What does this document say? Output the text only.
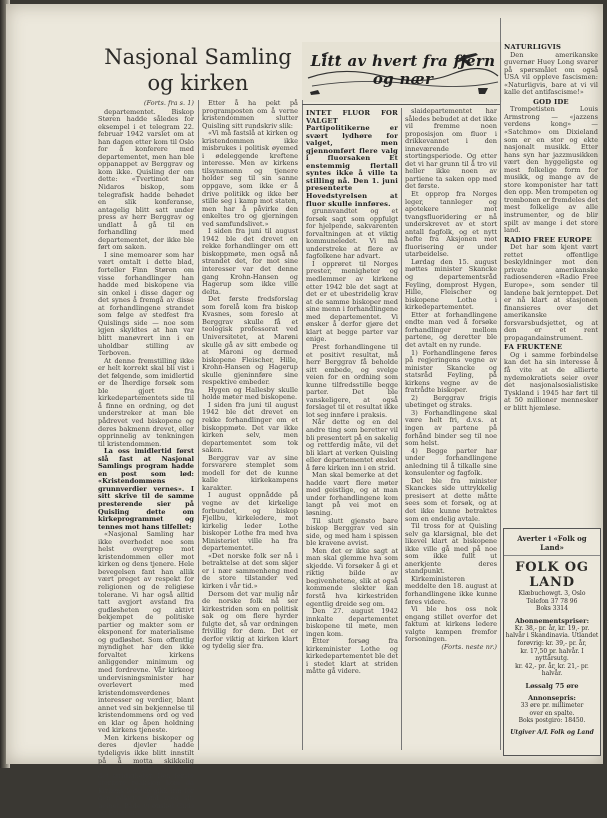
Nasjonal Samling og kirken
Litt av hvert fra fjern og nær

(Forts. fra s. 1)

departementet. Biskop Støren hadde således for eksempel i et telegram 22. februar 1942 varslet om at han dagen etter kom til Oslo for å konferere med departementet, men han ble oppanappet av Berggrav og kom ikke. Quisling der om dette: «Tvertimot har Nidaros biskop, som telegrafisk hadde behødet en slik konferanse, antagelig blitt satt under press av herr Berggrav og undlatt å gå til en forhandling med departementet, der ikke ble ført om saken.

I sine memoarer som har vært omtalt i dette blad, forteller Finn Støren om visse forhandlinger han hadde med biskopene via sin onkel i disse dager og det synes å fremgå av disse at forhandlingene strandet som følge av stedfest fra Quislings side — noe som igjen skyldtes at han var blitt manøvrert inn i en uholdbar stilling av Terboven.

At denne fremstilling ikke er helt korrekt skal bli vist i det følgende, som imidlertid er de Iherdige forsøk som ble gjort fra kirkedepartementets side til å finne en ordning, og det understreker at man ble pådrevet ved biskopene og deres bakmenn drevet, eller opprinnelig av tenkningen til kristendommen.

La oss imidlertid først slå fast at Nasjonal Samlings program hadde en post som lød: «Kristendommens grunnverdier vernes». I sitt skrive til de samme presterende sier på Quisling dette om kirkeprogrammet og tennes mot hans tilfellet:

«Nasjonal Samling har ikke overhodet noe som helst overgrep mot kristendommen eller mot kirken og dens tjenere. Hele bevegelsen fant han allik vært preget av respekt for religionen og de religiøse tolerane. Vi har også alltid tatt avgjort avstand fra gudløsheten og aktivt bekjempet de politiske partier og makter som er eksponent for materialisme og gudløshet. Som offentlig myndighet har den ikke forvaltet kirkens anliggender minimum og med fordrevne. Vår kirkeog undervisningsminister har overlevert med kristendomsverdenes interesser og verdier, blant annet ved sin bekjennelse til kristendommens ord og ved en klar og åpen holdning ved kirkens tjeneste.

Men kirkens biskoper og deres djevler hadde tydeligvis ikke blitt innstilt på å motta skikkelig samarbeid, og hele tiden var det stridigheter. Den første sterkere reaksjon kom da Kirkens ledelse gikk inn for den pålagte ånd med sin helhet. Både vi ønsket Guds og Kristi ord.

Etter å ha pekt på programposten om å verne kristendommen slutter Quisling sitt rundskriv slik:

«Vi må fastslå at kirken og kristendommen ikke misbrukes i politisk øyemed i ødeleggende kreftene interesse. Men av kirkens tilsynsmenn og tjenere holder seg til sin sanne oppgave, som ikke er å drive politikk og ikke bør stille seg i kamp mot staten, men har å påvirke den enkeltes tro og gjerningen ved samfundslivet.»

I siden fra juni til august 1942 ble det drevet en rekke forhandlinger om ett biskoppmøte, men også nå strandet det, for mot sine interesser var det denne gang Krohn-Hansen og Hagerup som ikke ville delta.

Det første fredsforslag som forelå kom fra biskop Kvasnes, som foreslo at Berggrav skulle få et teologisk professorat ved Universitetet, at Marøni skulle gå av sitt embede og at Maroni og dermed biskopene Fleischer, Hille, Krohn-Hansen og Hagerup skulle gjeninnføre sine respektive embeder.

Hygen og Hallesby skulle holde møter med biskopene.

I siden fra juni til august 1942 ble det drevet en rekke forhandlinger om et biskoppmøte. Det var ikke kirken selv, men departementet som tok saken.

Berggrav var av sine forsvarere stemplet som modell for det de kunne kalle kirkekampens karakter.

I august oppnådde på vegne av det kirkelige forbundet, og biskop Fjellbu, kirkeledere, mot kirkelig leder Lothe biskoper Lothe fra med hva Ministeriet ville ha fra departementet.

«Det norske folk ser nå i betraktelse at det som skjer er i nær sammenheng med de store tilstander ved kirken i vår tid.»

Dersom det var mulig når de norske folk nå ser kirkestriden som en politisk sak og om flere hyrder fulgte det, så var ordningen frivillig for dem. Det er derfor viktig at kirken klart og tydelig sier fra.

INTET FLUOR FOR VALGET Partipolitikerne er svært lydhøre for valget, men gjennomført flere valg i fluorsaken Et enstemmig flertall syntes ikke å ville ta stilling nå. Den 1. juni presenterte Hovedstyrelsen at fluor skulle innføres.

grunnvandtet og et forsøk sagt som oppfulgt for hjelpende, sakvarenten forvaltningen at et viktig kommuneledet. Vi må understreke at flere av fagfolkene har advart.

I opprøret til Norges prester, menigheter og medlemmer av kirkene etter 1942 ble det sagt at det er et ubestridelig krav at de samme biskoper med sine menn i forhandlingene med departementet. Vi ønsker å derfor gjøre det klart at begge parter var enige.

Prest forhandlingene til et positivt resultat, må herr Berggrav få beholde sitt embede, og svelge veien for en ordning som kunne tilfredsstille begge parter. Det ble vanskeligere, at også forslaget til et resultat ikke lot seg innføre i praksis.

Når dette og en del andre ting som beretter vil bli presentert på en sakelig og rettferdig måte, vil det bli klart at verken Quisling eller departementet ønsket å føre kirken inn i en strid.

Man skal bemerke at det hadde vært flere møter med geistlige, og at man under forhandlingene kom langt på vei mot en løsning.

Til slutt gjensto bare biskop Berggrav ved sin side, og med ham i spissen ble kravene avvist.

Men det er ikke sagt at man skal glemme hva som skjedde. Vi forsøker å gi et riktig bilde av begivenhetene, slik at også kommende slekter kan forstå hva kirkestriden egentlig dreide seg om.

Den 27. august 1942 innkalte departementet biskopene til møte, men ingen kom.

Etter forsøg fra kirkeminister Lothe og kirkedepartementet ble det i stedet klart at striden måtte gå videre.

slaidepartementet har således bebudet at det ikke vil fremme noen proposisjon om fluor i drikkevannet i den inneværende stortingsperiode. Og etter det vi har grunn til å tro vil heller ikke noen av partiene ta saken opp med det første.

Et opprop fra Norges leger, tannleger og apotekere mot tvangsfluoridering er nå underskrevet av et stort antall fagfolk, og et nytt hefte fra Aksjonen mot fluorisering er under utarbeidelse.

Lørdag den 15. august møttes minister Skancke og departementsråd Feyling, domprost Hygen, Hille, Fleischer og biskopene Lothe i kirkedepartementet.

Etter at forhandlingene endte man ved å forsøke forhandlinger mellom partene, og deretter ble det avtalt en ny runde.

1) Forhandlingene føres på regjeringens vegne av minister Skancke og statsråd Feyling, på kirkens vegne av de fratrådte biskoper.

2) Berggrav frigis ubetinget og straks.

3) Forhandlingene skal være helt fri, d.v.s. at ingen av partene på forhånd binder seg til noe som helst.

4) Begge parter har under forhandlingene anledning til å tilkalle sine konsulenter og fagfolk.

Det ble fra minister Skanckes side uttrykkelig presisert at dette måtte sees som et forsøk, og at det ikke kunne betraktes som en endelig avtale.

Til tross for at Quisling selv ga klarsignal, ble det likevel klart at biskopene ikke ville gå med på noe som ikke fullt ut anerkjente deres standpunkt.

Kirkeministeren meddelte den 18. august at forhandlingene ikke kunne føres videre.

Vi ble hos oss nok engang stillet overfor det faktum at kirkens ledere valgte kampen fremfor forsoningen.

(Forts. neste nr.)

NATURLIGVIS

Den amerikanske guvernør Huey Long svarer på spørsmålet om også USA vil oppleve fascismen: «Naturligvis, bare at vi vil kalle det antifascisme!»

GOD IDE

Trompetisten Louis Armstrong — «jazzens verdens kong» — «Satchmo» om Dixieland som er en stor og ekte nasjonalt musikk. Etter hans syn har jazzmusikken vært den hyggeligste og mest folkelige form for musikk, og mange av de store komponister har tatt den opp. Men trompeten og trombonen er fremdeles det mest folkelige av alle instrumenter, og de blir spilt av mange i det store land.

RADIO FREE EUROPE

Det har som kjent vært rettet offentlige beskyldninger mot den private amerikanske radiosenderen «Radio Free Europe», som sender til landene bak jernteppet. Det er nå klart at stasjonen finansieres over det amerikanske forsvarsbudsjettet, og at den er et rent propagandainstrument.

FA FRUKTENE

Og i samme forbindelse kan det ha sin interesse å få vite at de allierte nydemokratiets seier over det nasjonalsosialistiske Tyskland i 1945 har ført til at 50 millioner mennesker er blitt hjemløse.

Averter i «Folk og Land»
FOLK OG LAND
Klæbuchowgt. 3, Oslo
Telefon 37 78 96
Boks 3314
Abonnementspriser:
Kr. 38,- pr. år, kr. 19,- pr.
halvår i Skandinavia. Utlandet
forøvrig: kr. 39,- pr. år,
kr. 17,50 pr. halvår. I nyttårsutg.
kr. 42,- pr. år, kr. 21,- pr. halvår.
Løssalg 75 øre
Annonsepris:
33 øre pr. millimeter
over en spalte.
Boks postgiro: 18450.
Utgiver A/L Folk og Land
